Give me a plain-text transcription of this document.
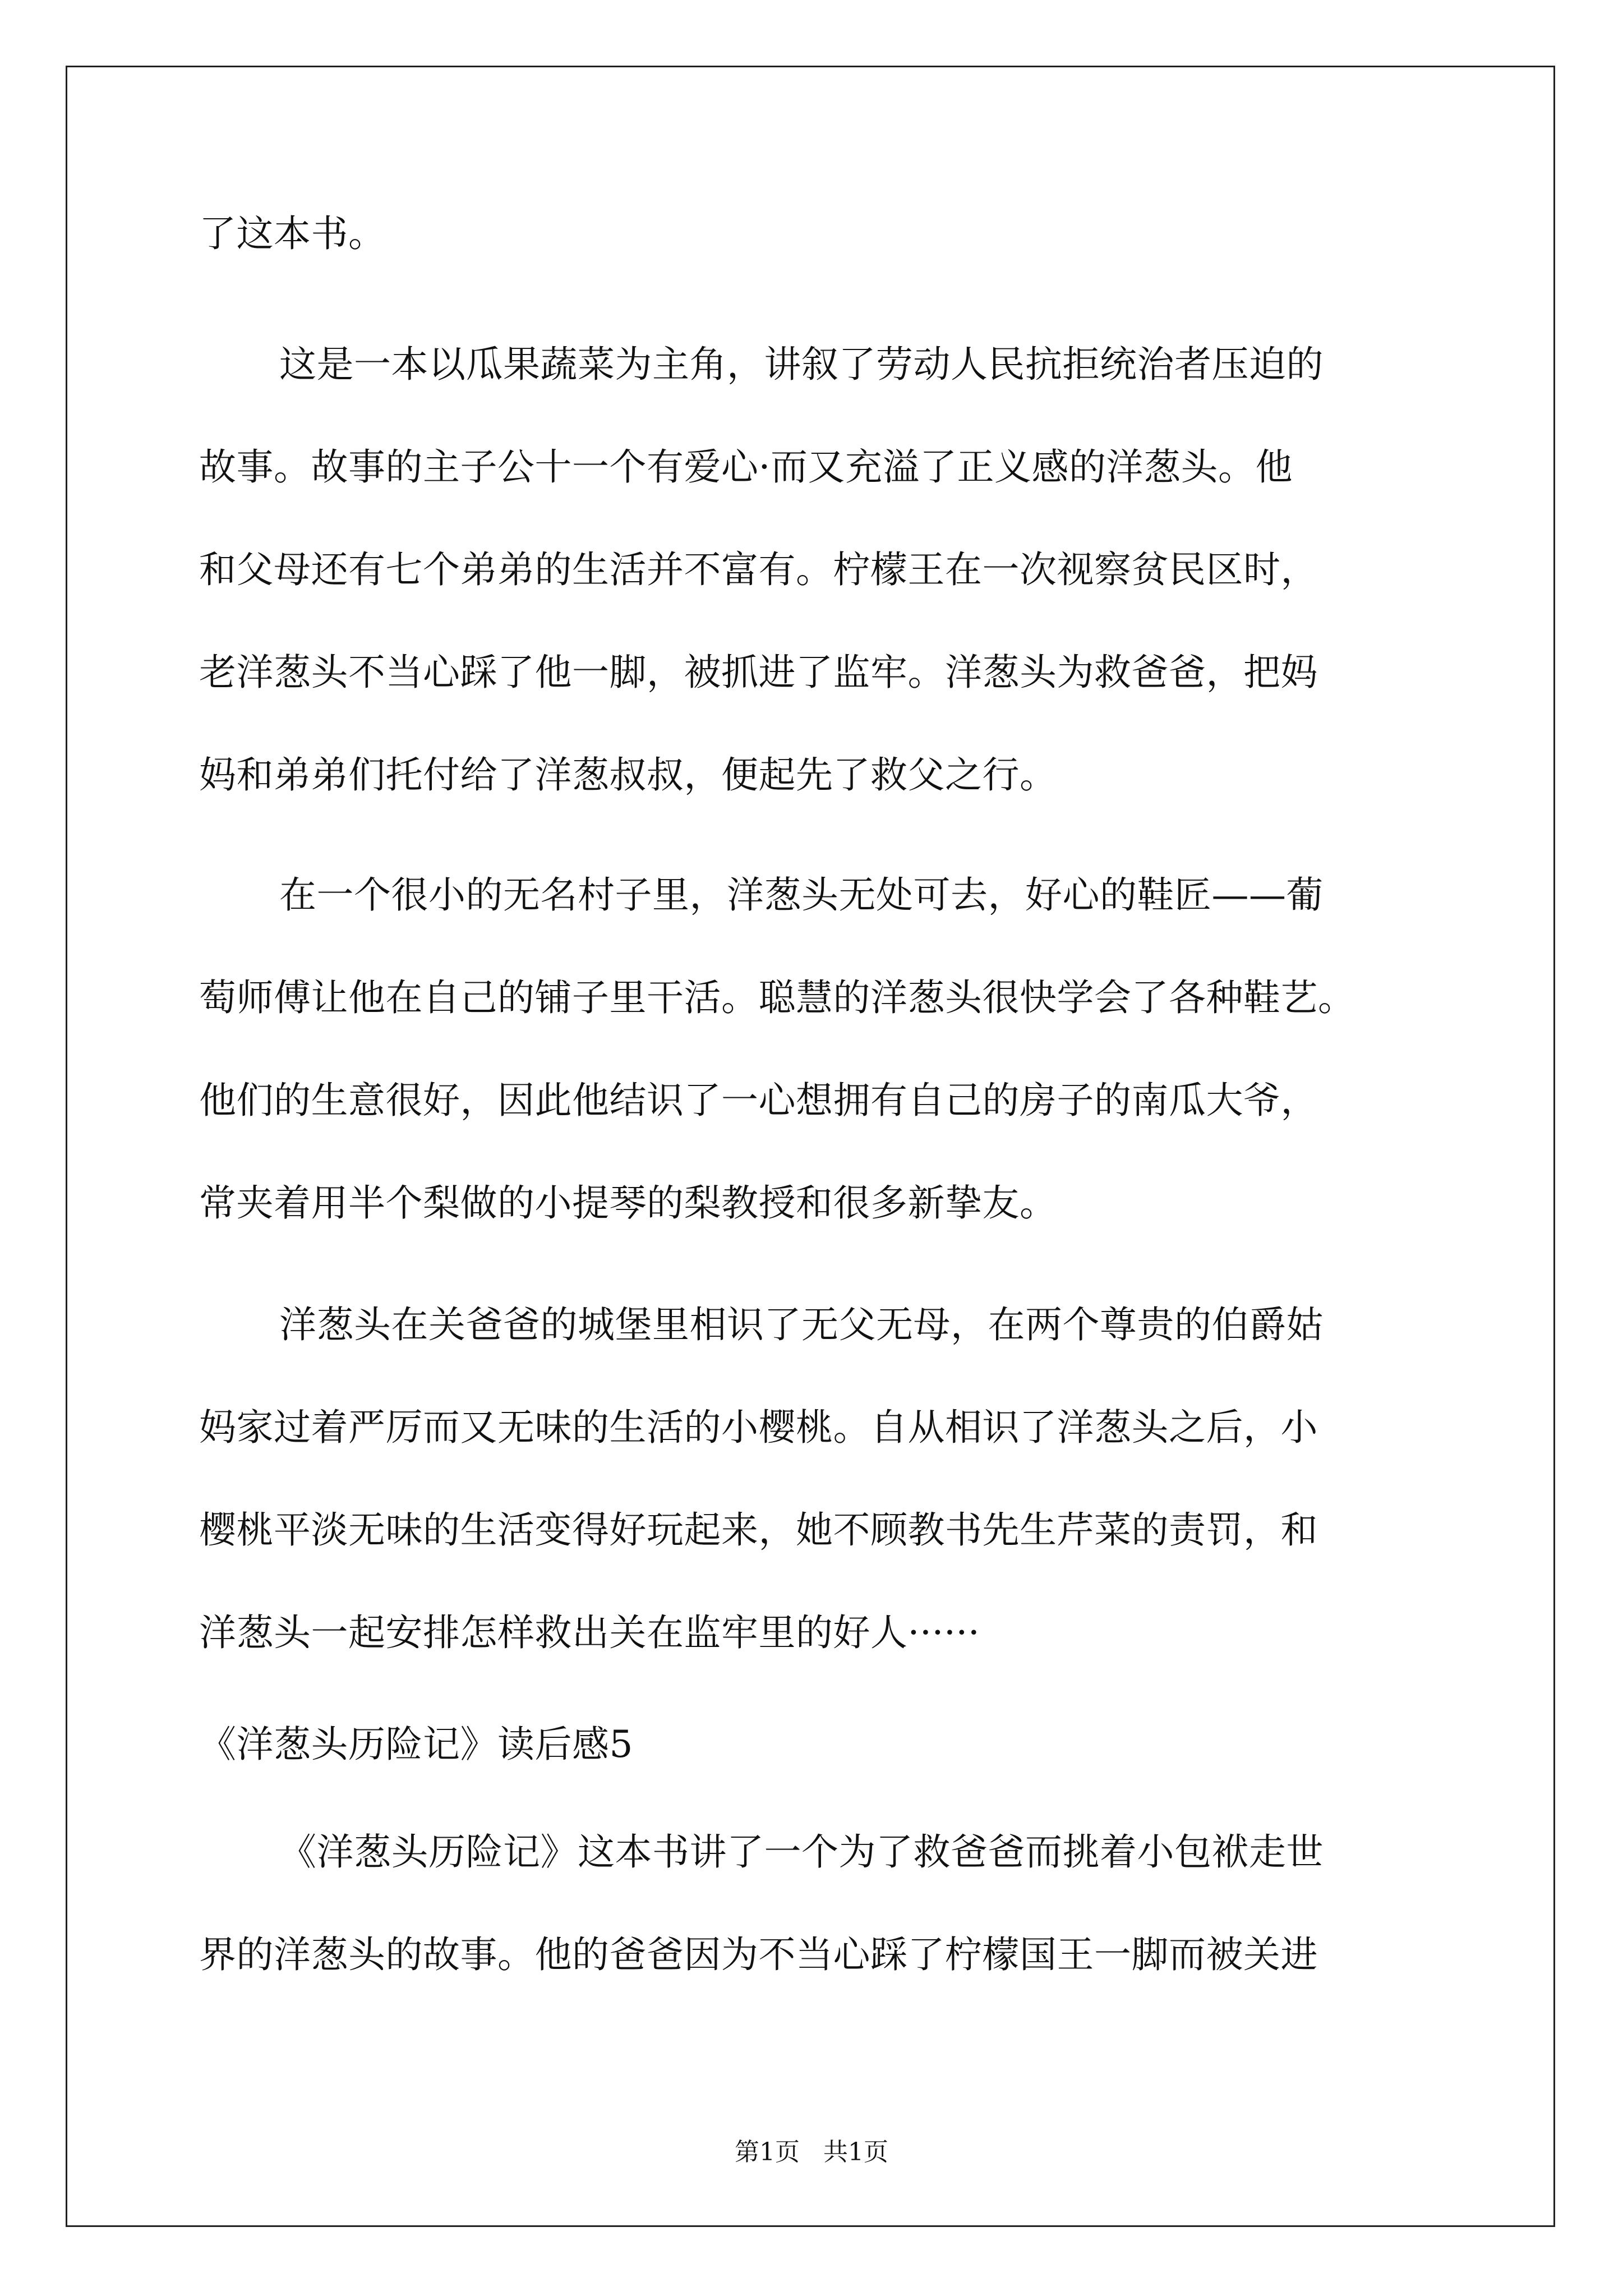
了这本书。
这是一本以瓜果蔬菜为主角，讲叙了劳动人民抗拒统治者压迫的
故事。故事的主子公十一个有爱心·而又充溢了正义感的洋葱头。他
和父母还有七个弟弟的生活并不富有。柠檬王在一次视察贫民区时，
老洋葱头不当心踩了他一脚，被抓进了监牢。洋葱头为救爸爸，把妈
妈和弟弟们托付给了洋葱叔叔，便起先了救父之行。
在一个很小的无名村子里，洋葱头无处可去，好心的鞋匠——葡
萄师傅让他在自己的铺子里干活。聪慧的洋葱头很快学会了各种鞋艺。
他们的生意很好，因此他结识了一心想拥有自己的房子的南瓜大爷，
常夹着用半个梨做的小提琴的梨教授和很多新挚友。
洋葱头在关爸爸的城堡里相识了无父无母，在两个尊贵的伯爵姑
妈家过着严厉而又无味的生活的小樱桃。自从相识了洋葱头之后，小
樱桃平淡无味的生活变得好玩起来，她不顾教书先生芹菜的责罚，和
洋葱头一起安排怎样救出关在监牢里的好人······
《洋葱头历险记》读后感5
《洋葱头历险记》这本书讲了一个为了救爸爸而挑着小包袱走世
界的洋葱头的故事。他的爸爸因为不当心踩了柠檬国王一脚而被关进
第1页   共1页
